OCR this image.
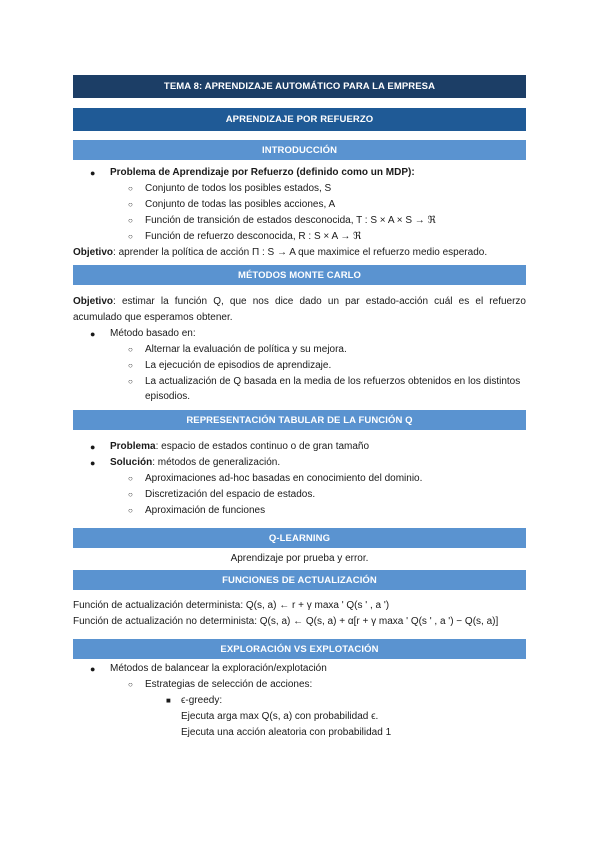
TEMA 8: APRENDIZAJE AUTOMÁTICO PARA LA EMPRESA
APRENDIZAJE POR REFUERZO
INTRODUCCIÓN
● Problema de Aprendizaje por Refuerzo (definido como un MDP):
○ Conjunto de todos los posibles estados, S
○ Conjunto de todas las posibles acciones, A
○ Función de transición de estados desconocida, T : S × A × S → ℜ
○ Función de refuerzo desconocida, R : S × A → ℜ
Objetivo: aprender la política de acción Π : S → A que maximice el refuerzo medio esperado.
MÉTODOS MONTE CARLO
Objetivo: estimar la función Q, que nos dice dado un par estado-acción cuál es el refuerzo acumulado que esperamos obtener.
● Método basado en:
○ Alternar la evaluación de política y su mejora.
○ La ejecución de episodios de aprendizaje.
○ La actualización de Q basada en la media de los refuerzos obtenidos en los distintos episodios.
REPRESENTACIÓN TABULAR DE LA FUNCIÓN Q
● Problema: espacio de estados continuo o de gran tamaño
● Solución: métodos de generalización.
○ Aproximaciones ad-hoc basadas en conocimiento del dominio.
○ Discretización del espacio de estados.
○ Aproximación de funciones
Q-LEARNING
Aprendizaje por prueba y error.
FUNCIONES DE ACTUALIZACIÓN
Función de actualización determinista: Q(s, a) ← r + γ maxa ' Q(s ' , a ')
Función de actualización no determinista: Q(s, a) ← Q(s, a) + α[r + γ maxa ' Q(s ' , a ') − Q(s, a)]
EXPLORACIÓN VS EXPLOTACIÓN
● Métodos de balancear la exploración/explotación
○ Estrategias de selección de acciones:
■ ϵ-greedy:
Ejecuta arga max Q(s, a) con probabilidad ϵ.
Ejecuta una acción aleatoria con probabilidad 1
